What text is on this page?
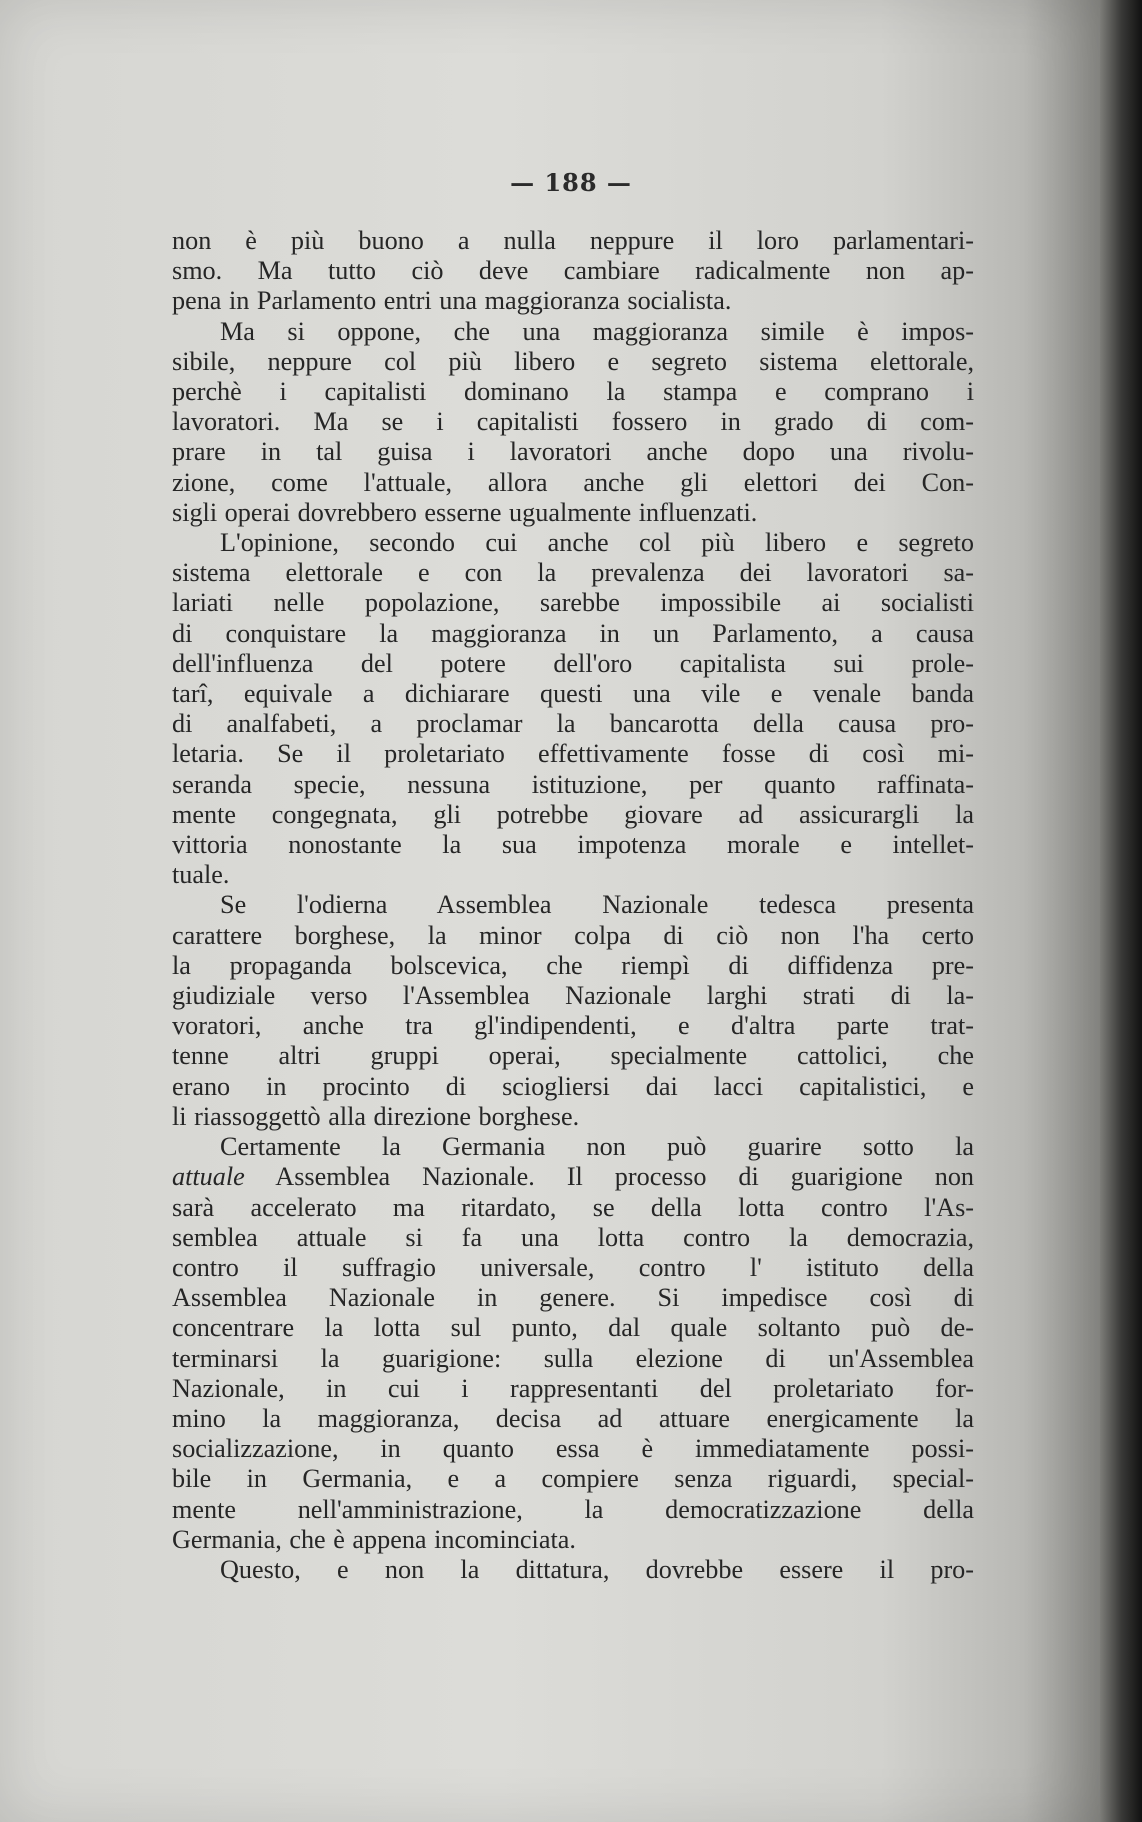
— 188 —

non è più buono a nulla neppure il loro parlamentari-
smo. Ma tutto ciò deve cambiare radicalmente non ap-
pena in Parlamento entri una maggioranza socialista.

Ma si oppone, che una maggioranza simile è impos-
sibile, neppure col più libero e segreto sistema elettorale,
perchè i capitalisti dominano la stampa e comprano i
lavoratori. Ma se i capitalisti fossero in grado di com-
prare in tal guisa i lavoratori anche dopo una rivolu-
zione, come l'attuale, allora anche gli elettori dei Con-
sigli operai dovrebbero esserne ugualmente influenzati.

L'opinione, secondo cui anche col più libero e segreto
sistema elettorale e con la prevalenza dei lavoratori sa-
lariati nelle popolazione, sarebbe impossibile ai socialisti
di conquistare la maggioranza in un Parlamento, a causa
dell'influenza del potere dell'oro capitalista sui prole-
tarî, equivale a dichiarare questi una vile e venale banda
di analfabeti, a proclamar la bancarotta della causa pro-
letaria. Se il proletariato effettivamente fosse di così mi-
seranda specie, nessuna istituzione, per quanto raffinata-
mente congegnata, gli potrebbe giovare ad assicurargli la
vittoria nonostante la sua impotenza morale e intellet-
tuale.

Se l'odierna Assemblea Nazionale tedesca presenta
carattere borghese, la minor colpa di ciò non l'ha certo
la propaganda bolscevica, che riempì di diffidenza pre-
giudiziale verso l'Assemblea Nazionale larghi strati di la-
voratori, anche tra gl'indipendenti, e d'altra parte trat-
tenne altri gruppi operai, specialmente cattolici, che
erano in procinto di sciogliersi dai lacci capitalistici, e
li riassoggettò alla direzione borghese.

Certamente la Germania non può guarire sotto la
attuale Assemblea Nazionale. Il processo di guarigione non
sarà accelerato ma ritardato, se della lotta contro l'As-
semblea attuale si fa una lotta contro la democrazia,
contro il suffragio universale, contro l' istituto della
Assemblea Nazionale in genere. Si impedisce così di
concentrare la lotta sul punto, dal quale soltanto può de-
terminarsi la guarigione: sulla elezione di un'Assemblea
Nazionale, in cui i rappresentanti del proletariato for-
mino la maggioranza, decisa ad attuare energicamente la
socializzazione, in quanto essa è immediatamente possi-
bile in Germania, e a compiere senza riguardi, special-
mente nell'amministrazione, la democratizzazione della
Germania, che è appena incominciata.

Questo, e non la dittatura, dovrebbe essere il pro-
